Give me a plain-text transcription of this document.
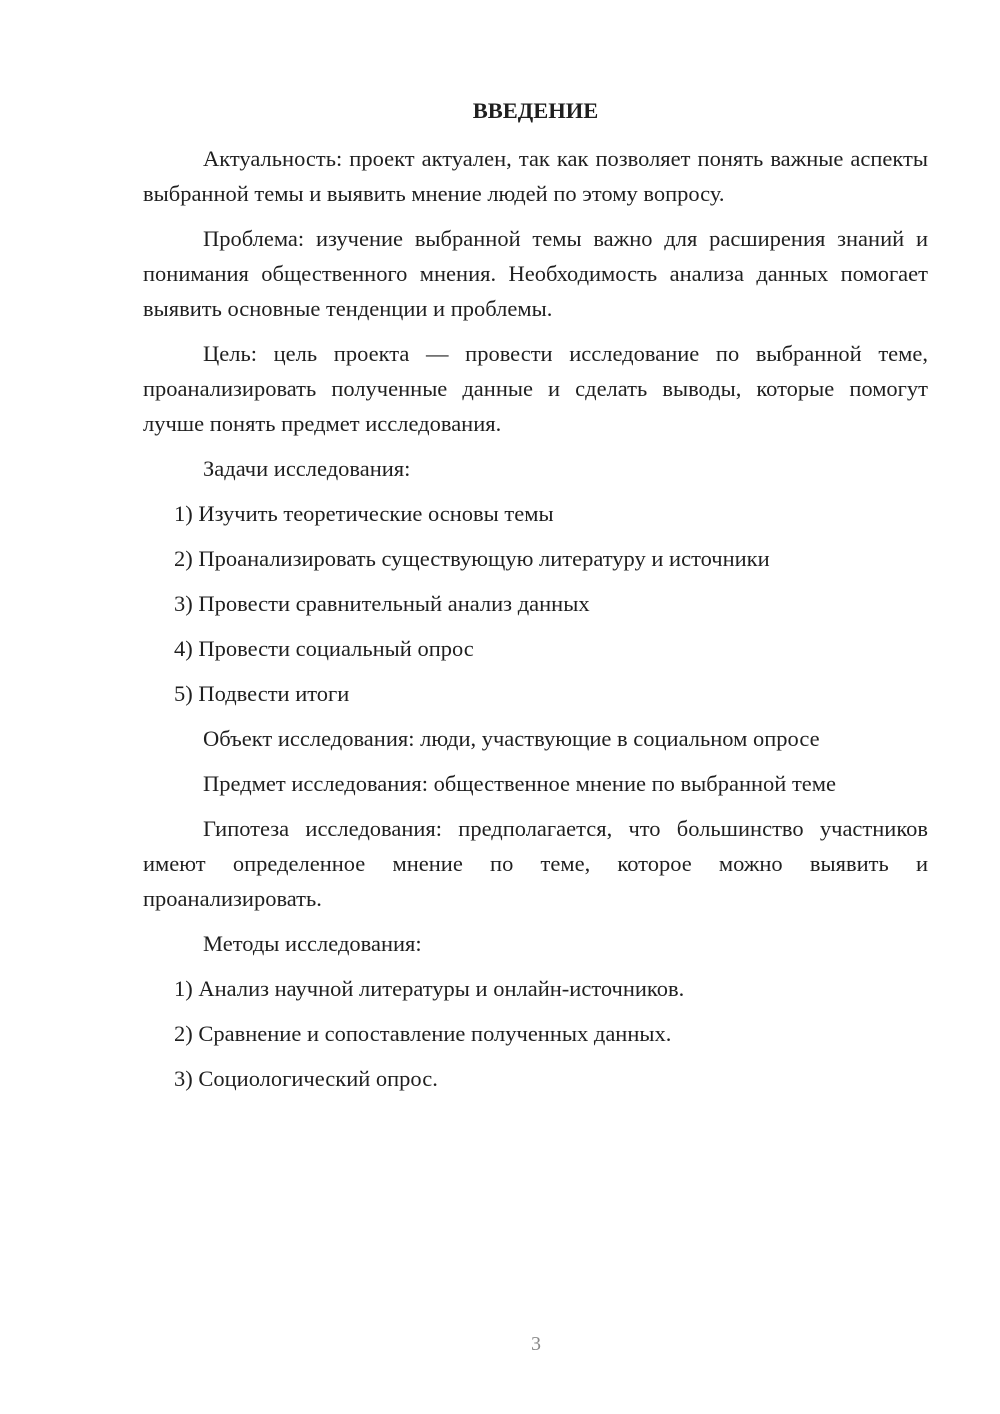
ВВЕДЕНИЕ

Актуальность: проект актуален, так как позволяет понять важные аспекты выбранной темы и выявить мнение людей по этому вопросу.

Проблема: изучение выбранной темы важно для расширения знаний и понимания общественного мнения. Необходимость анализа данных помогает выявить основные тенденции и проблемы.

Цель: цель проекта — провести исследование по выбранной теме, проанализировать полученные данные и сделать выводы, которые помогут лучше понять предмет исследования.

Задачи исследования:
1) Изучить теоретические основы темы
2) Проанализировать существующую литературу и источники
3) Провести сравнительный анализ данных
4) Провести социальный опрос
5) Подвести итоги
Объект исследования: люди, участвующие в социальном опросе
Предмет исследования: общественное мнение по выбранной теме

Гипотеза исследования: предполагается, что большинство участников имеют определенное мнение по теме, которое можно выявить и проанализировать.

Методы исследования:
1) Анализ научной литературы и онлайн-источников.
2) Сравнение и сопоставление полученных данных.
3) Социологический опрос.
3
